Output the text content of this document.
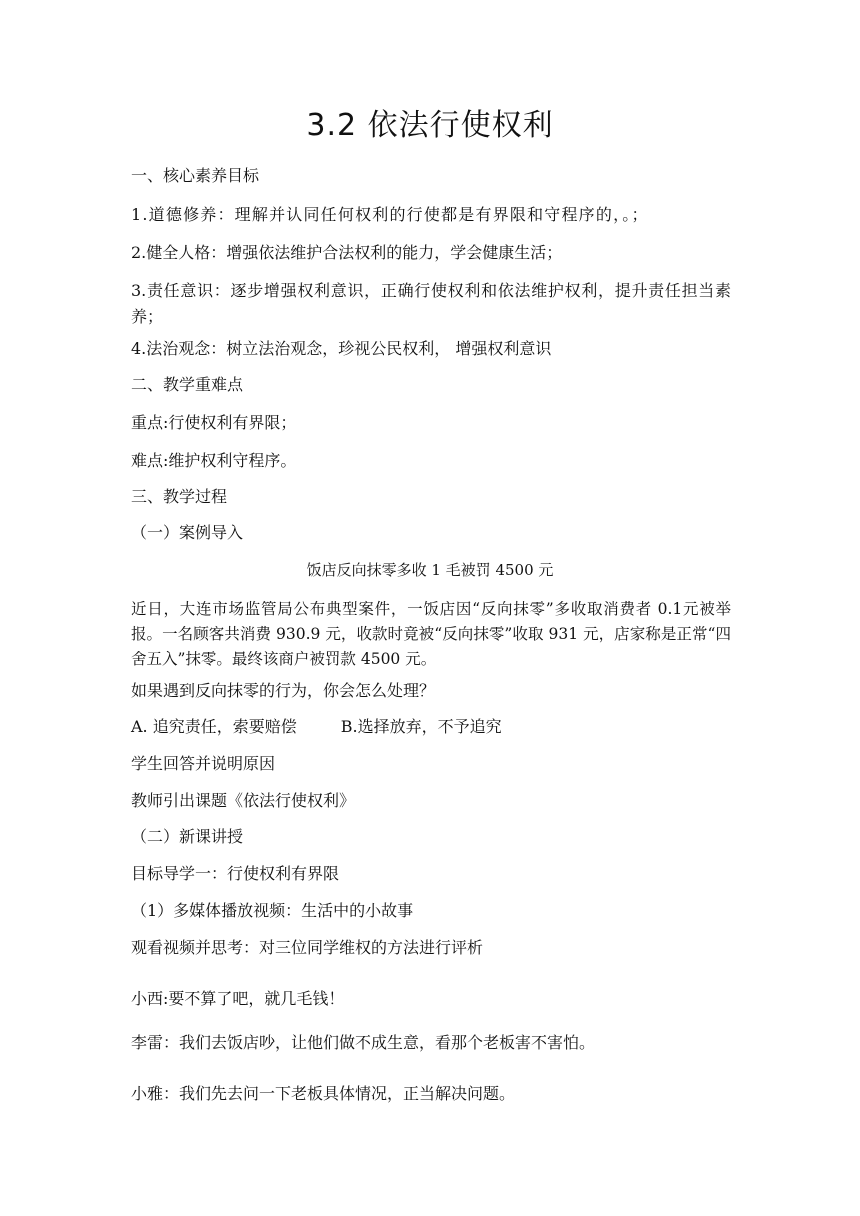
3.2 依法行使权利
一、核心素养目标
1.道德修养：理解并认同任何权利的行使都是有界限和守程序的，。；
2.健全人格：增强依法维护合法权利的能力，学会健康生活；
3.责任意识：逐步增强权利意识，正确行使权利和依法维护权利，提升责任担当素养；
4.法治观念：树立法治观念，珍视公民权利， 增强权利意识
二、教学重难点
重点:行使权利有界限；
难点:维护权利守程序。
三、教学过程
（一）案例导入
饭店反向抹零多收 1 毛被罚 4500 元
近日，大连市场监管局公布典型案件，一饭店因“反向抹零”多收取消费者 0.1元被举报。一名顾客共消费 930.9 元，收款时竟被“反向抹零”收取 931 元，店家称是正常“四舍五入”抹零。最终该商户被罚款 4500 元。
如果遇到反向抹零的行为，你会怎么处理？
A. 追究责任，索要赔偿	B.选择放弃，不予追究
学生回答并说明原因
教师引出课题《依法行使权利》
（二）新课讲授
目标导学一：行使权利有界限
（1）多媒体播放视频：生活中的小故事
观看视频并思考：对三位同学维权的方法进行评析
小西:要不算了吧，就几毛钱！
李雷：我们去饭店吵，让他们做不成生意，看那个老板害不害怕。
小雅：我们先去问一下老板具体情况，正当解决问题。
